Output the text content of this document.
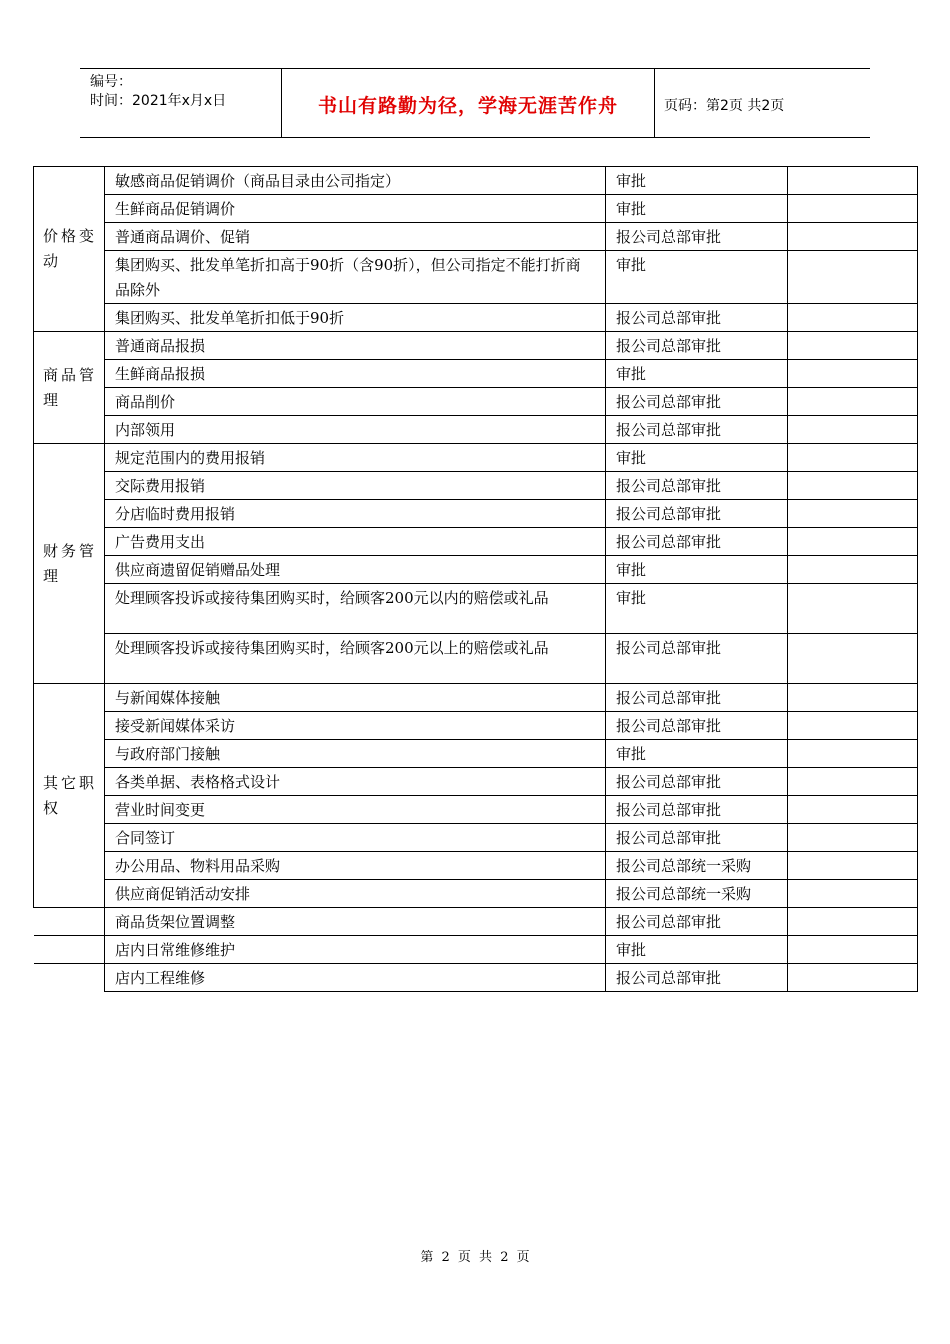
编号：
时间：2021年x月x日	书山有路勤为径，学海无涯苦作舟	页码：第2页 共2页
价格变动	敏感商品促销调价（商品目录由公司指定）	审批	
	生鲜商品促销调价	审批	
	普通商品调价、促销	报公司总部审批	
	集团购买、批发单笔折扣高于90折（含90折），但公司指定不能打折商品除外	审批	
	集团购买、批发单笔折扣低于90折	报公司总部审批	
商品管理	普通商品报损	报公司总部审批	
	生鲜商品报损	审批	
	商品削价	报公司总部审批	
	内部领用	报公司总部审批	
财务管理	规定范围内的费用报销	审批	
	交际费用报销	报公司总部审批	
	分店临时费用报销	报公司总部审批	
	广告费用支出	报公司总部审批	
	供应商遗留促销赠品处理	审批	
	处理顾客投诉或接待集团购买时，给顾客200元以内的赔偿或礼品	审批	
	处理顾客投诉或接待集团购买时，给顾客200元以上的赔偿或礼品	报公司总部审批	
其它职权	与新闻媒体接触	报公司总部审批	
	接受新闻媒体采访	报公司总部审批	
	与政府部门接触	审批	
	各类单据、表格格式设计	报公司总部审批	
	营业时间变更	报公司总部审批	
	合同签订	报公司总部审批	
	办公用品、物料用品采购	报公司总部统一采购	
	供应商促销活动安排	报公司总部统一采购	
	商品货架位置调整	报公司总部审批	
	店内日常维修维护	审批	
	店内工程维修	报公司总部审批	
第 2 页 共 2 页
